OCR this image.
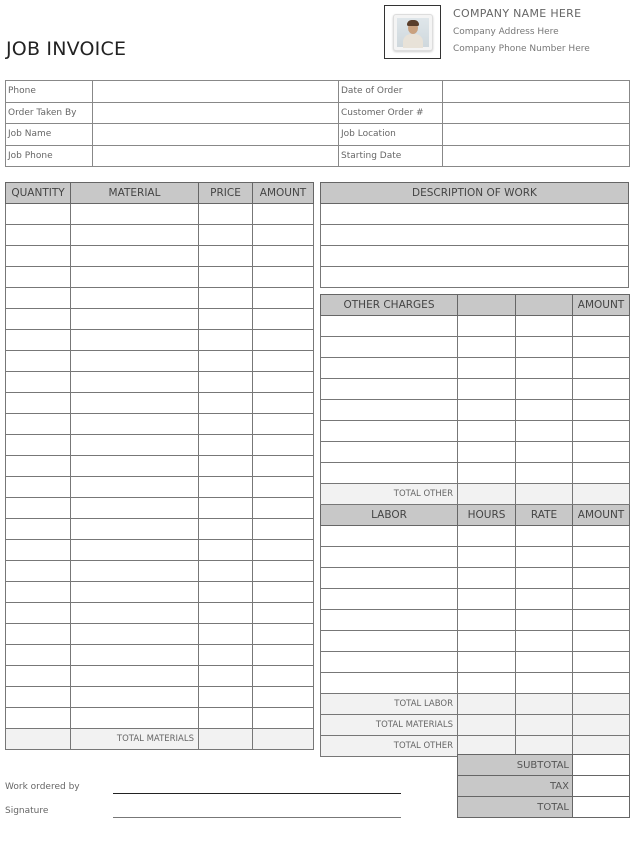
JOB INVOICE
COMPANY NAME HERE
Company Address Here
Company Phone Number Here
Phone		Date of Order	
Order Taken By		Customer Order #	
Job Name		Job Location	
Job Phone		Starting Date	
QUANTITY	MATERIAL	PRICE	AMOUNT

	TOTAL MATERIALS		
DESCRIPTION OF WORK

OTHER CHARGES			AMOUNT

TOTAL OTHER			
LABOR	HOURS	RATE	AMOUNT

TOTAL LABOR			
TOTAL MATERIALS			
TOTAL OTHER			
Work ordered by
Signature
SUBTOTAL	
TAX	
TOTAL	
